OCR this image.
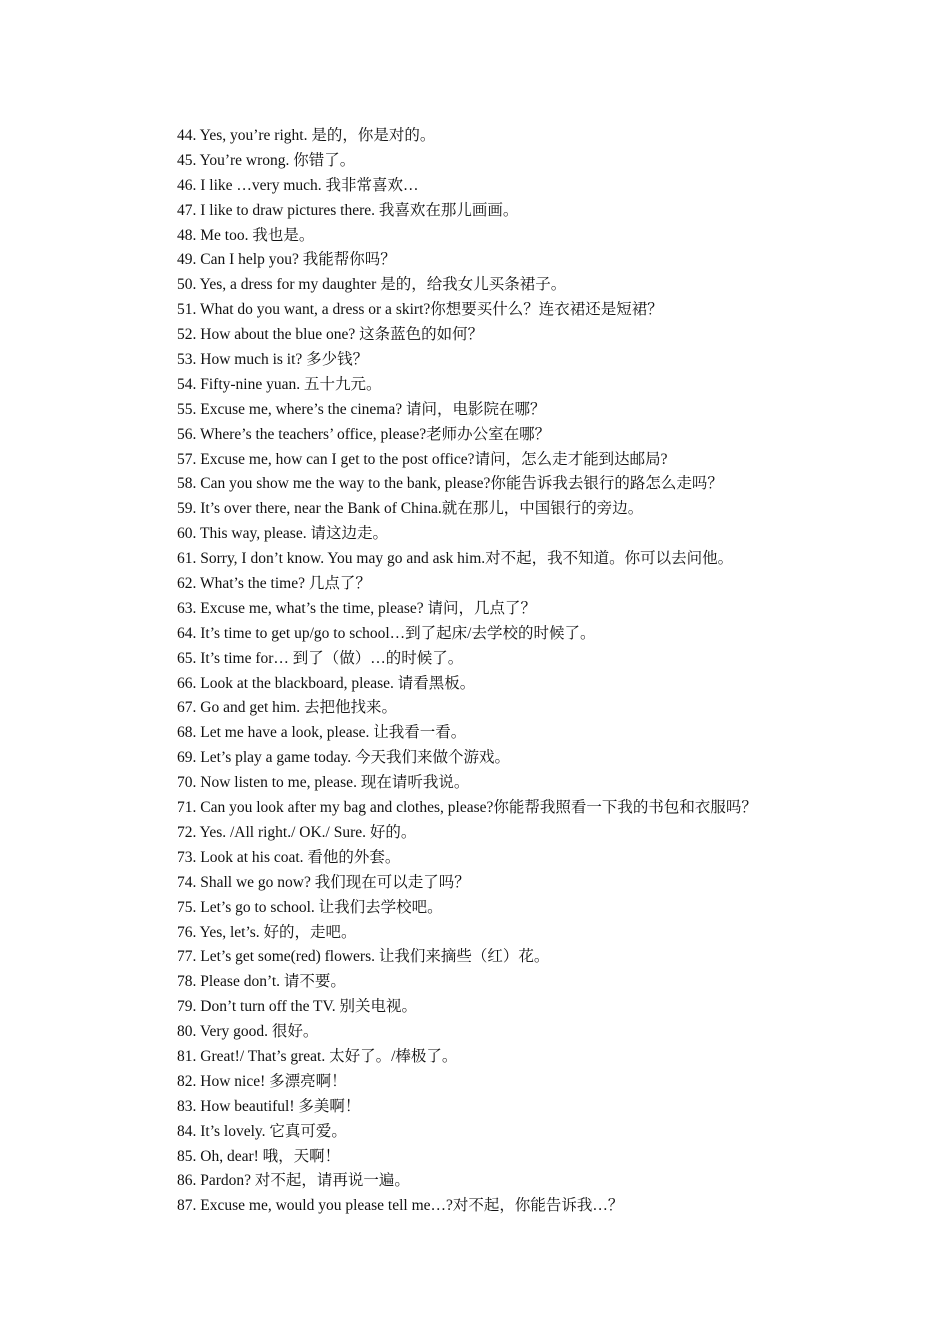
44. Yes, you’re right. 是的，你是对的。
45. You’re wrong. 你错了。
46. I like …very much. 我非常喜欢…
47. I like to draw pictures there. 我喜欢在那儿画画。
48. Me too. 我也是。
49. Can I help you? 我能帮你吗？
50. Yes, a dress for my daughter 是的，给我女儿买条裙子。
51. What do you want, a dress or a skirt?你想要买什么？连衣裙还是短裙？
52. How about the blue one? 这条蓝色的如何？
53. How much is it? 多少钱？
54. Fifty-nine yuan. 五十九元。
55. Excuse me, where’s the cinema? 请问，电影院在哪？
56. Where’s the teachers’ office, please?老师办公室在哪？
57. Excuse me, how can I get to the post office?请问，怎么走才能到达邮局?
58. Can you show me the way to the bank, please?你能告诉我去银行的路怎么走吗？
59. It’s over there, near the Bank of China.就在那儿，中国银行的旁边。
60. This way, please. 请这边走。
61. Sorry, I don’t know. You may go and ask him.对不起，我不知道。你可以去问他。
62. What’s the time? 几点了？
63. Excuse me, what’s the time, please? 请问，几点了？
64. It’s time to get up/go to school…到了起床/去学校的时候了。
65. It’s time for… 到了（做）…的时候了。
66. Look at the blackboard, please. 请看黑板。
67. Go and get him. 去把他找来。
68. Let me have a look, please. 让我看一看。
69. Let’s play a game today. 今天我们来做个游戏。
70. Now listen to me, please. 现在请听我说。
71. Can you look after my bag and clothes, please?你能帮我照看一下我的书包和衣服吗？
72. Yes. /All right./ OK./ Sure. 好的。
73. Look at his coat. 看他的外套。
74. Shall we go now? 我们现在可以走了吗？
75. Let’s go to school. 让我们去学校吧。
76. Yes, let’s. 好的，走吧。
77. Let’s get some(red) flowers. 让我们来摘些（红）花。
78. Please don’t. 请不要。
79. Don’t turn off the TV. 别关电视。
80. Very good. 很好。
81. Great!/ That’s great. 太好了。/棒极了。
82. How nice! 多漂亮啊！
83. How beautiful! 多美啊！
84. It’s lovely. 它真可爱。
85. Oh, dear! 哦，天啊！
86. Pardon? 对不起，请再说一遍。
87. Excuse me, would you please tell me…?对不起，你能告诉我…？
